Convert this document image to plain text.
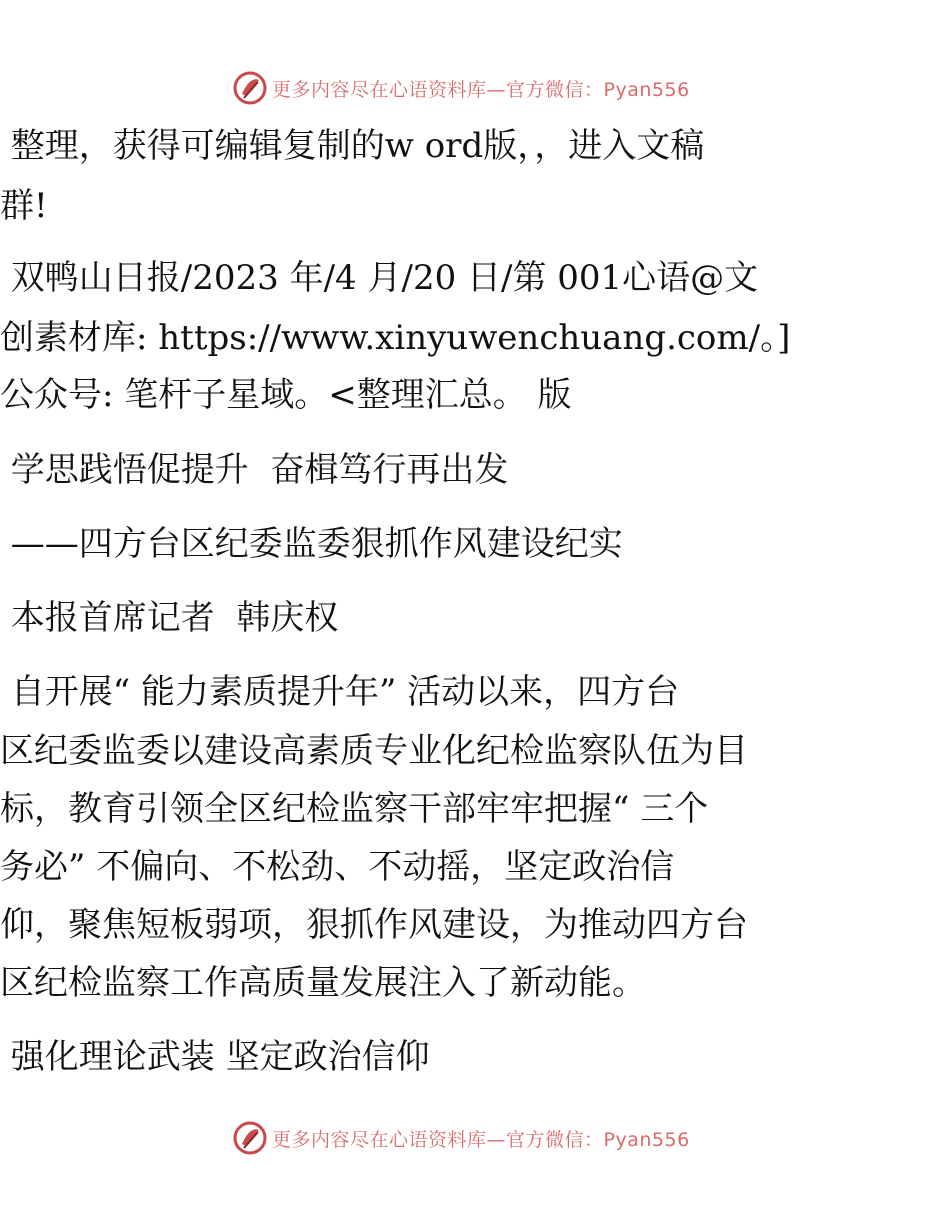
更多内容尽在心语资料库—官方微信：Pyan556
整理，获得可编辑复制的w ord版，，进入文稿
群!
双鸭山日报/2023 年/4 月/20 日/第 001心语@文
创素材库: https://www.xinyuwenchuang.com/。]
公众号: 笔杆子星域。<整理汇总。 版
学思践悟促提升  奋楫笃行再出发
——四方台区纪委监委狠抓作风建设纪实
本报首席记者  韩庆权
自开展“ 能力素质提升年” 活动以来，四方台
区纪委监委以建设高素质专业化纪检监察队伍为目
标，教育引领全区纪检监察干部牢牢把握“ 三个
务必” 不偏向、不松劲、不动摇，坚定政治信
仰，聚焦短板弱项，狠抓作风建设，为推动四方台
区纪检监察工作高质量发展注入了新动能。
强化理论武装 坚定政治信仰
更多内容尽在心语资料库—官方微信：Pyan556
